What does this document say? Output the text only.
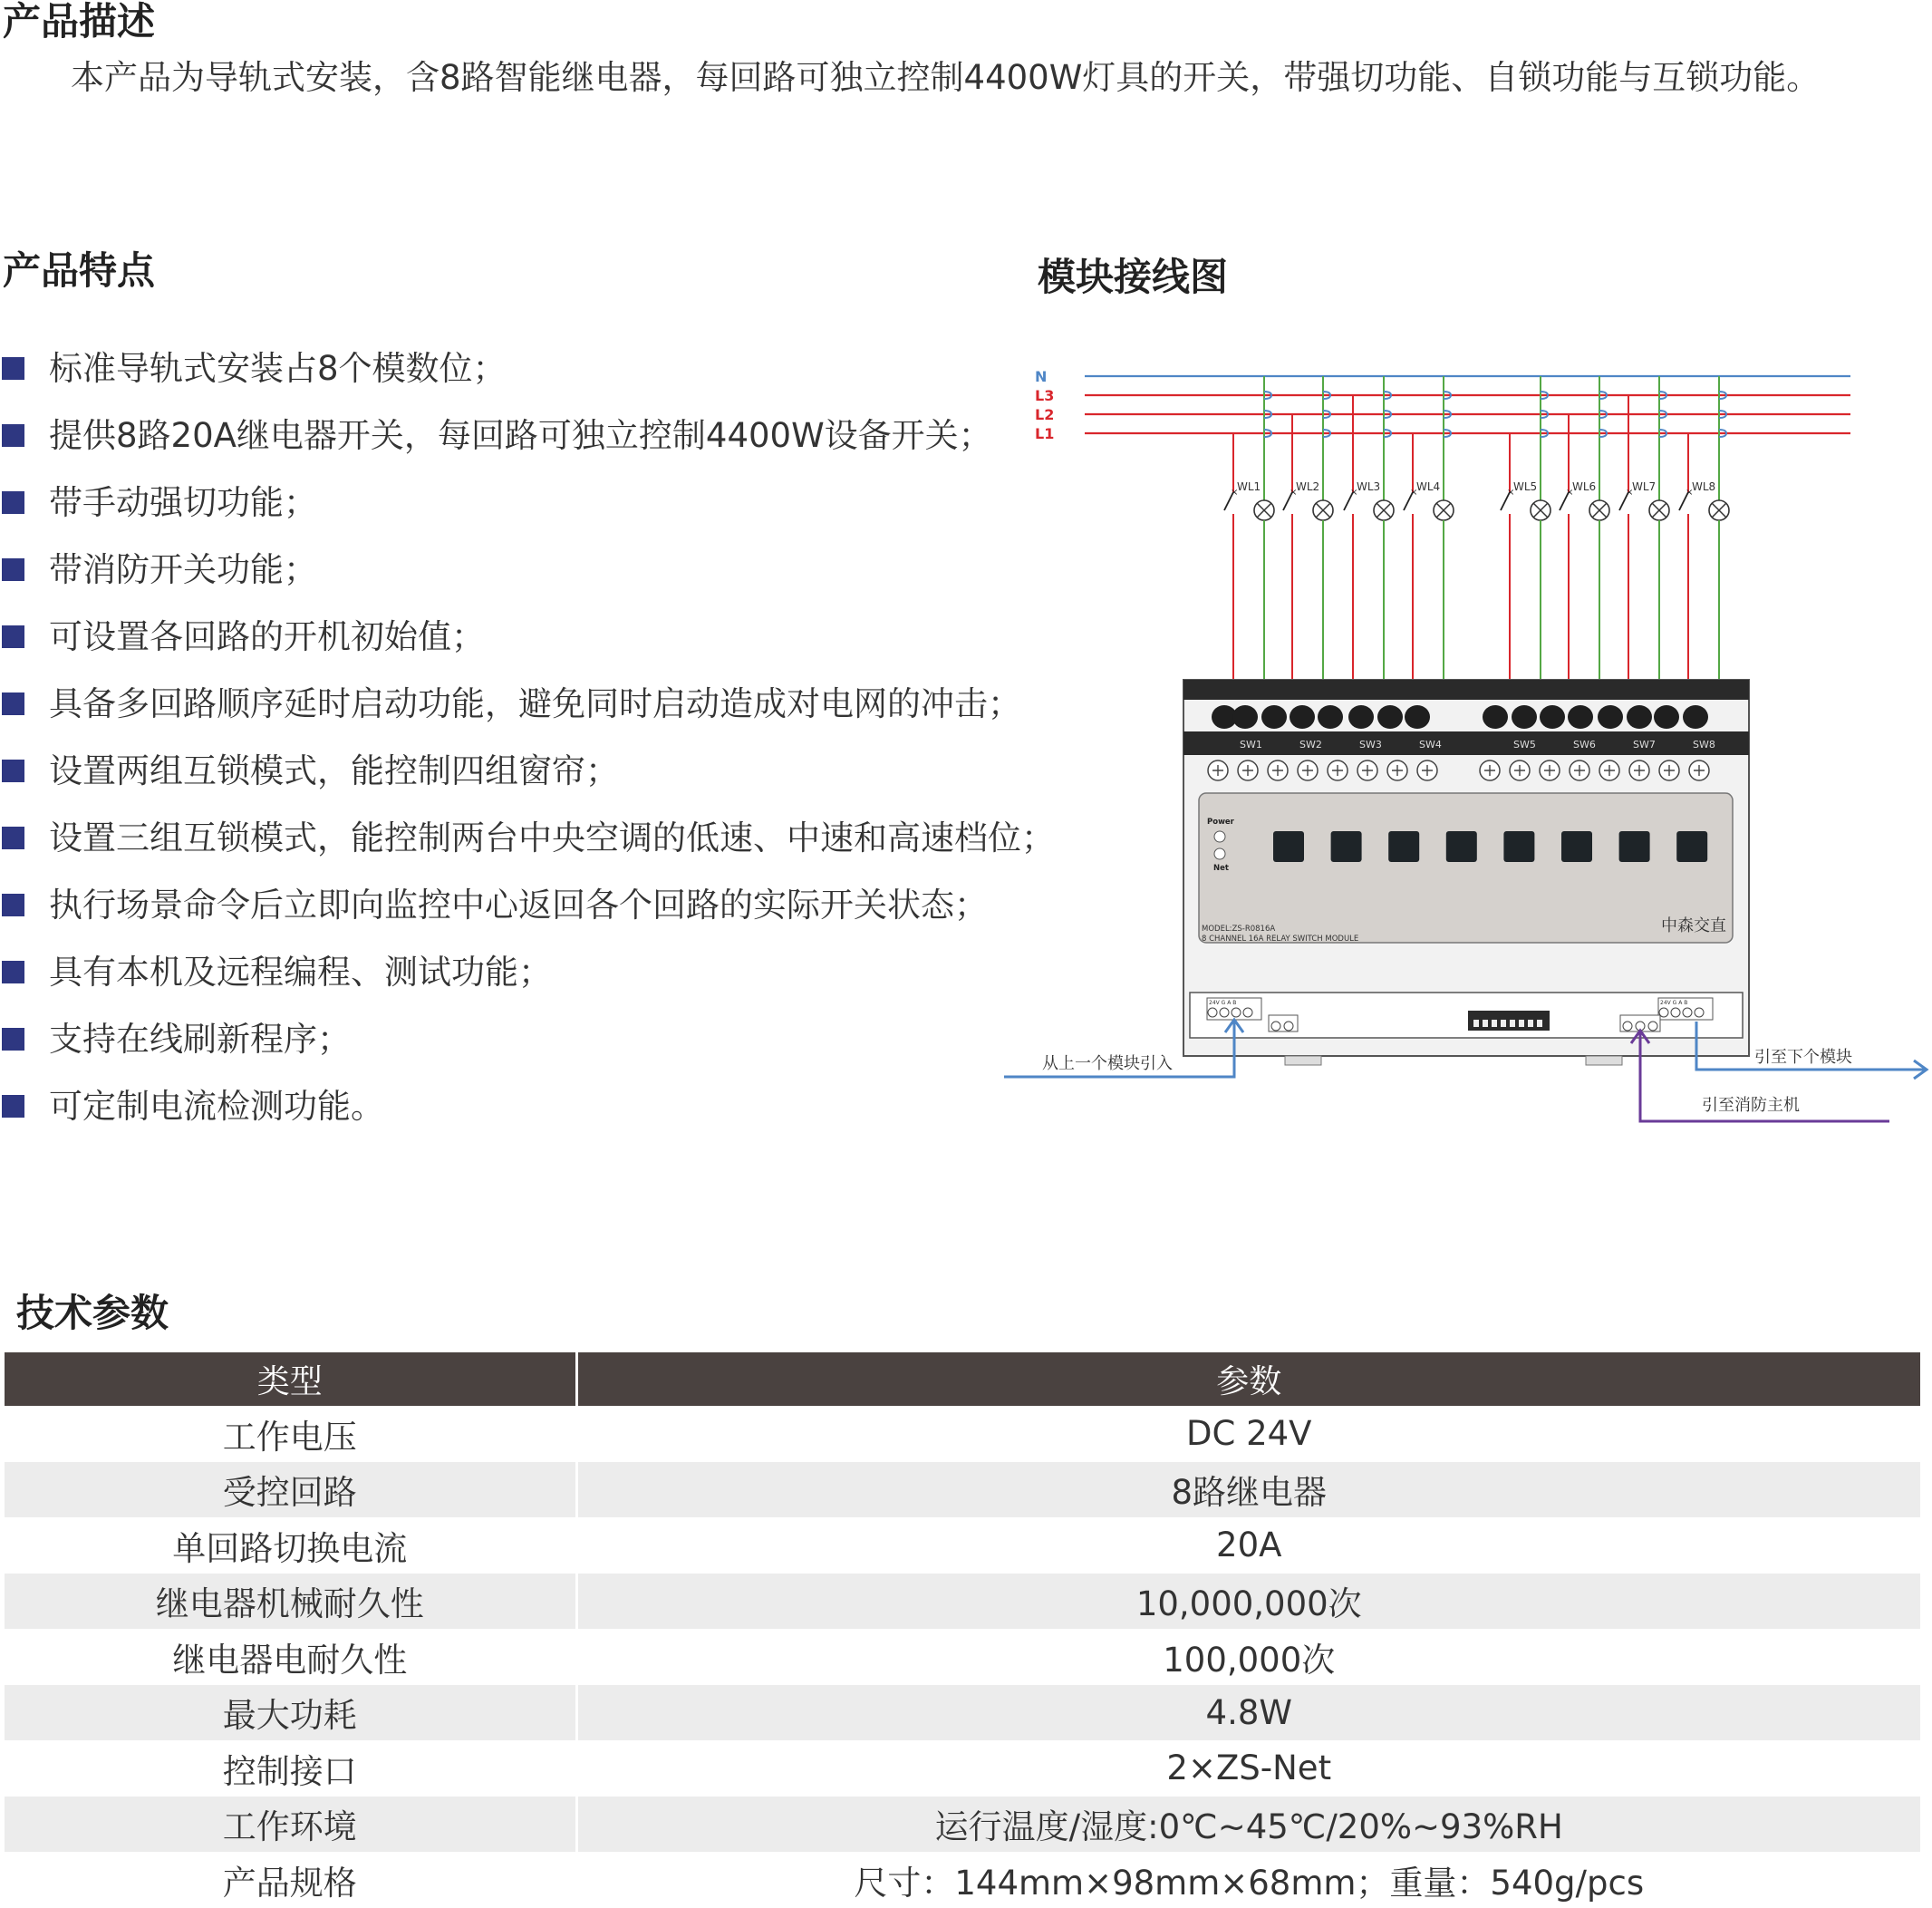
产品描述

本产品为导轨式安装，含8路智能继电器，每回路可独立控制4400W灯具的开关，带强切功能、自锁功能与互锁功能。

产品特点
标准导轨式安装占8个模数位；
提供8路20A继电器开关，每回路可独立控制4400W设备开关；
带手动强切功能；
带消防开关功能；
可设置各回路的开机初始值；
具备多回路顺序延时启动功能，避免同时启动造成对电网的冲击；
设置两组互锁模式，能控制四组窗帘；
设置三组互锁模式，能控制两台中央空调的低速、中速和高速档位；
执行场景命令后立即向监控中心返回各个回路的实际开关状态；
具有本机及远程编程、测试功能；
支持在线刷新程序；
可定制电流检测功能。
模块接线图
×	×	×	×	×	×	×	×
SW1	SW2	SW3	SW4	SW5	SW6	SW7	SW8
Power
Net
MODEL:ZS-R0816A
8 CHANNEL 16A RELAY SWITCH MODULE
中森交直
24V G A B	24V G A B
N
L3
L2
L1
WL1	WL2	WL3	WL4	WL5	WL6	WL7	WL8
从上一个模块引入	引至下个模块
引至消防主机
技术参数
类型	参数
工作电压	DC 24V
受控回路	8路继电器
单回路切换电流	20A
继电器机械耐久性	10,000,000次
继电器电耐久性	100,000次
最大功耗	4.8W
控制接口	2×ZS-Net
工作环境	运行温度/湿度:0℃~45℃/20%~93%RH
产品规格	尺寸：144mm×98mm×68mm；重量：540g/pcs
